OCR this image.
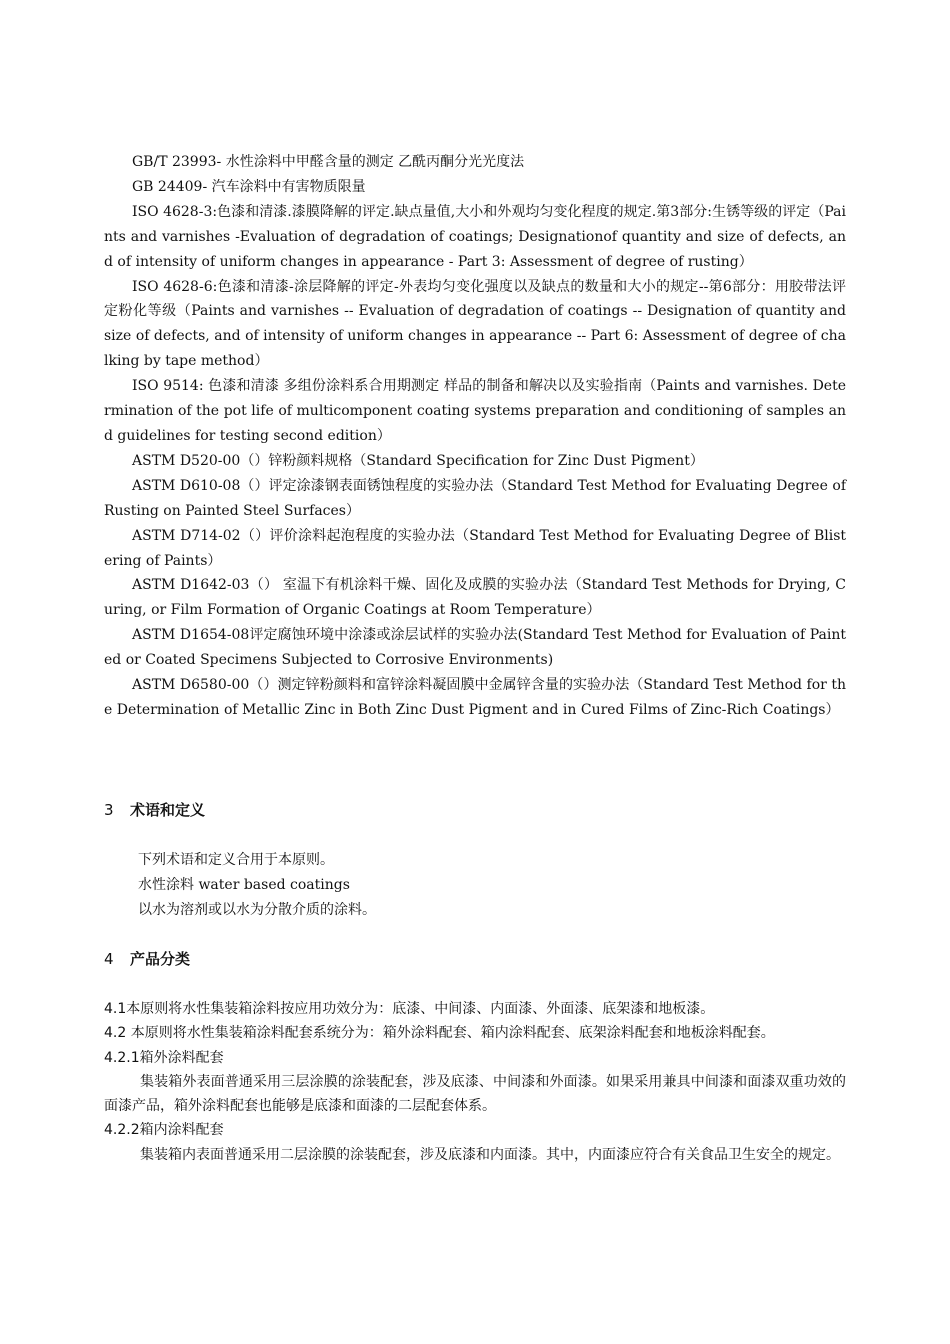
GB/T 23993- 水性涂料中甲醛含量的测定 乙酰丙酮分光光度法

GB 24409- 汽车涂料中有害物质限量

ISO 4628-3:色漆和清漆.漆膜降解的评定.缺点量值,大小和外观均匀变化程度的规定.第3部分:生锈等级的评定（Paints and varnishes -Evaluation of degradation of coatings; Designationof quantity and size of defects, and of intensity of uniform changes in appearance - Part 3: Assessment of degree of rusting）

ISO 4628-6:色漆和清漆-涂层降解的评定-外表均匀变化强度以及缺点的数量和大小的规定--第6部分：用胶带法评定粉化等级（Paints and varnishes -- Evaluation of degradation of coatings -- Designation of quantity and size of defects, and of intensity of uniform changes in appearance -- Part 6: Assessment of degree of chalking by tape method）

ISO 9514: 色漆和清漆 多组份涂料系合用期测定 样品的制备和解决以及实验指南（Paints and varnishes. Determination of the pot life of multicomponent coating systems preparation and conditioning of samples and guidelines for testing second edition）

ASTM D520-00（）锌粉颜料规格（Standard Specification for Zinc Dust Pigment）

ASTM D610-08（）评定涂漆钢表面锈蚀程度的实验办法（Standard Test Method for Evaluating Degree of Rusting on Painted Steel Surfaces）

ASTM D714-02（）评价涂料起泡程度的实验办法（Standard Test Method for Evaluating Degree of Blistering of Paints）

ASTM D1642-03（） 室温下有机涂料干燥、固化及成膜的实验办法（Standard Test Methods for Drying, Curing, or Film Formation of Organic Coatings at Room Temperature）

ASTM D1654-08评定腐蚀环境中涂漆或涂层试样的实验办法(Standard Test Method for Evaluation of Painted or Coated Specimens Subjected to Corrosive Environments)

ASTM D6580-00（）测定锌粉颜料和富锌涂料凝固膜中金属锌含量的实验办法（Standard Test Method for the Determination of Metallic Zinc in Both Zinc Dust Pigment and in Cured Films of Zinc-Rich Coatings）

3 术语和定义

下列术语和定义合用于本原则。

水性涂料 water based coatings

以水为溶剂或以水为分散介质的涂料。

4 产品分类

4.1本原则将水性集装箱涂料按应用功效分为：底漆、中间漆、内面漆、外面漆、底架漆和地板漆。

4.2 本原则将水性集装箱涂料配套系统分为：箱外涂料配套、箱内涂料配套、底架涂料配套和地板涂料配套。

4.2.1箱外涂料配套

集装箱外表面普通采用三层涂膜的涂装配套，涉及底漆、中间漆和外面漆。如果采用兼具中间漆和面漆双重功效的面漆产品，箱外涂料配套也能够是底漆和面漆的二层配套体系。

4.2.2箱内涂料配套

集装箱内表面普通采用二层涂膜的涂装配套，涉及底漆和内面漆。其中，内面漆应符合有关食品卫生安全的规定。
